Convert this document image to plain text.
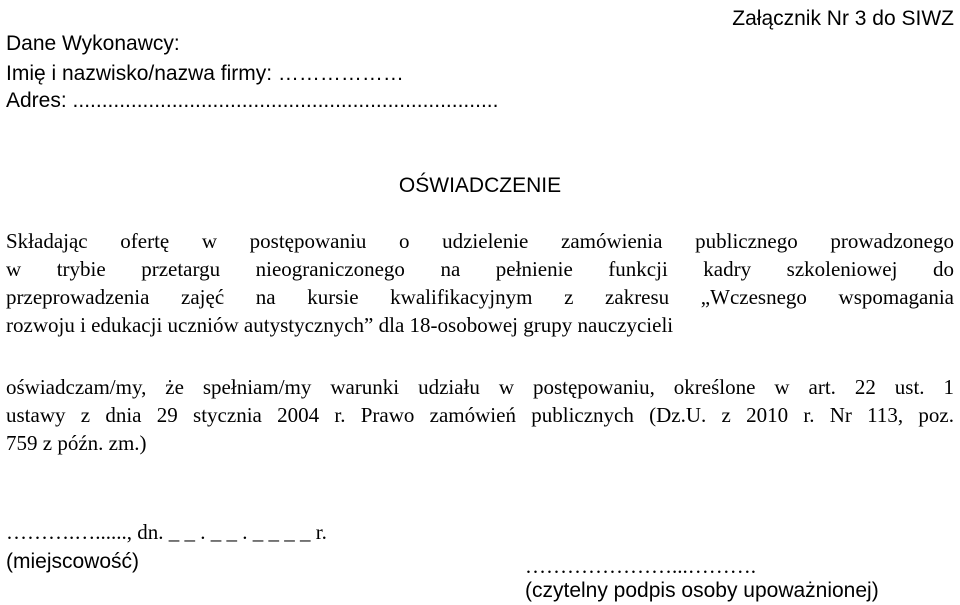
Załącznik Nr 3 do SIWZ
Dane Wykonawcy:
Imię i nazwisko/nazwa firmy: ………………
Adres: .........................................................................
OŚWIADCZENIE
Składając ofertę w postępowaniu o udzielenie zamówienia publicznego prowadzonego
w trybie przetargu nieograniczonego na pełnienie funkcji kadry szkoleniowej do
przeprowadzenia zajęć na kursie kwalifikacyjnym z zakresu „Wczesnego wspomagania
rozwoju i edukacji uczniów autystycznych” dla 18-osobowej grupy nauczycieli
oświadczam/my, że spełniam/my warunki udziału w postępowaniu, określone w art. 22 ust. 1
ustawy z dnia 29 stycznia 2004 r. Prawo zamówień publicznych (Dz.U. z 2010 r. Nr 113, poz.
759 z późn. zm.)
……….…......, dn. _ _ . _ _ . _ _ _ _ r.
(miejscowość)	…………………...……….
(czytelny podpis osoby upoważnionej)
